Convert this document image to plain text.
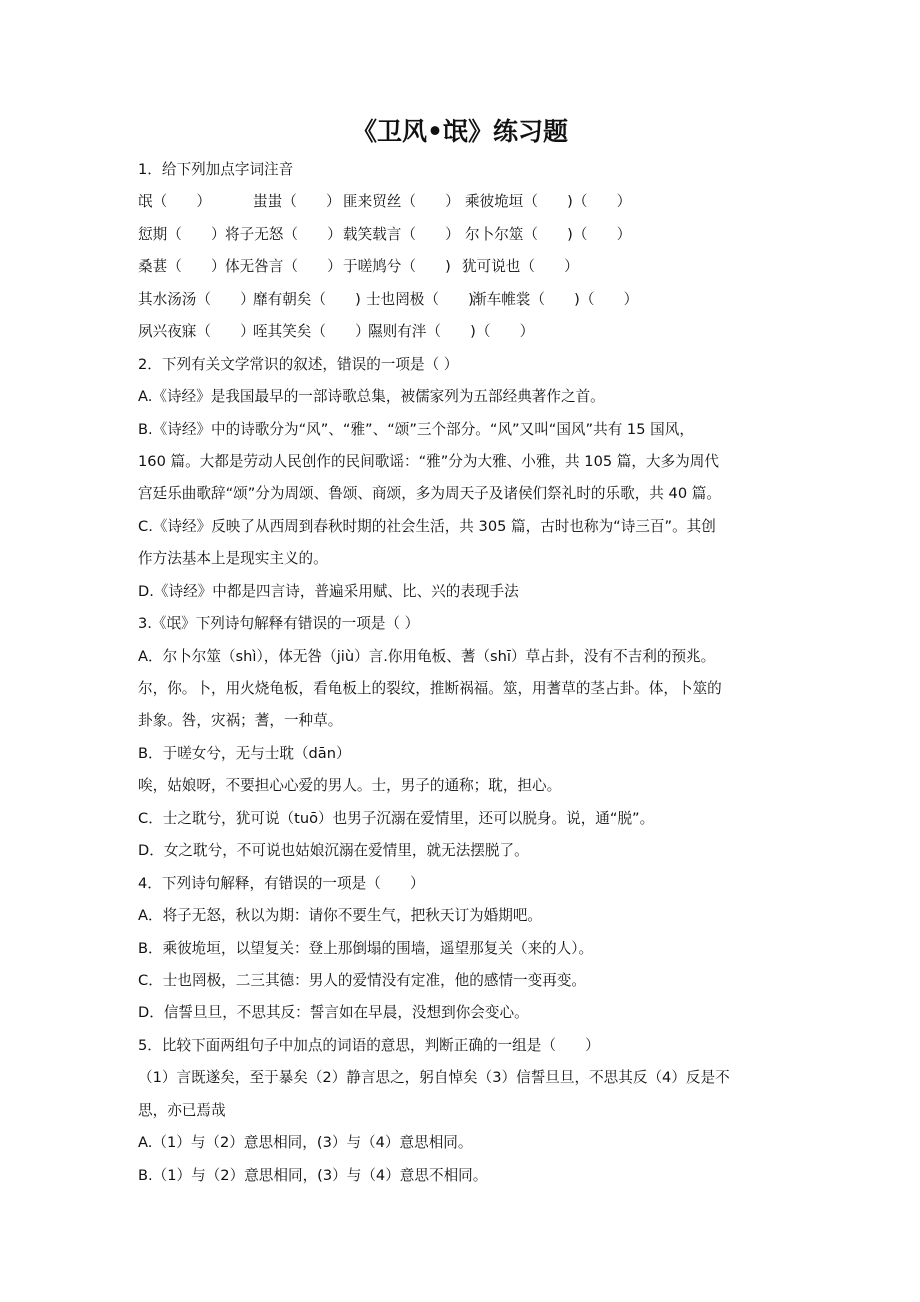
《卫风•氓》练习题
1．给下列加点字词注音
氓（　　）	蚩蚩（　　） 匪来贸丝（　　） 乘彼垝垣（　　)（　　）
愆期（　　） 将子无怒（　　） 载笑载言（　　） 尔卜尔筮（　　)（　　）
桑葚（　　） 体无咎言（　　） 于嗟鸠兮（　　) 犹可说也（　　）
其水汤汤（　　）
靡有朝矣（　　) 士也罔极（　　)
渐车帷裳（　　)（　　）
夙兴夜寐（　　）
咥其笑矣（　　）
隰则有泮（　　)（　　）
2．下列有关文学常识的叙述，错误的一项是（ ）
A.《诗经》是我国最早的一部诗歌总集，被儒家列为五部经典著作之首。
B.《诗经》中的诗歌分为“风”、“雅”、“颂”三个部分。“风”又叫“国风”共有 15 国风，
160 篇。大都是劳动人民创作的民间歌谣：“雅”分为大雅、小雅，共 105 篇，大多为周代
宫廷乐曲歌辞“颂”分为周颂、鲁颂、商颂，多为周天子及诸侯们祭礼时的乐歌，共 40 篇。
C.《诗经》反映了从西周到春秋时期的社会生活，共 305 篇，古时也称为“诗三百”。其创
作方法基本上是现实主义的。
D.《诗经》中都是四言诗，普遍采用赋、比、兴的表现手法
3.《氓》下列诗句解释有错误的一项是（ ）
A．尔卜尔筮（shì），体无咎（jiù）言.你用龟板、蓍（shī）草占卦，没有不吉利的预兆。
尔，你。卜，用火烧龟板，看龟板上的裂纹，推断祸福。筮，用蓍草的茎占卦。体，卜筮的
卦象。咎，灾祸；蓍，一种草。
B．于嗟女兮，无与士耽（dān）
唉，姑娘呀，不要担心心爱的男人。士，男子的通称；耽，担心。
C．士之耽兮，犹可说（tuō）也男子沉溺在爱情里，还可以脱身。说，通“脱”。
D．女之耽兮，不可说也姑娘沉溺在爱情里，就无法摆脱了。
4．下列诗句解释，有错误的一项是（　　）
A．将子无怒，秋以为期：请你不要生气，把秋天订为婚期吧。
B．乘彼垝垣，以望复关：登上那倒塌的围墙，遥望那复关（来的人）。
C．士也罔极，二三其德：男人的爱情没有定准，他的感情一变再变。
D．信誓旦旦，不思其反：誓言如在早晨，没想到你会变心。
5．比较下面两组句子中加点的词语的意思，判断正确的一组是（　　）
（1）言既遂矣，至于暴矣（2）静言思之，躬自悼矣（3）信誓旦旦，不思其反（4）反是不
思，亦已焉哉
A.（1）与（2）意思相同，(3）与（4）意思相同。
B.（1）与（2）意思相同，(3）与（4）意思不相同。
